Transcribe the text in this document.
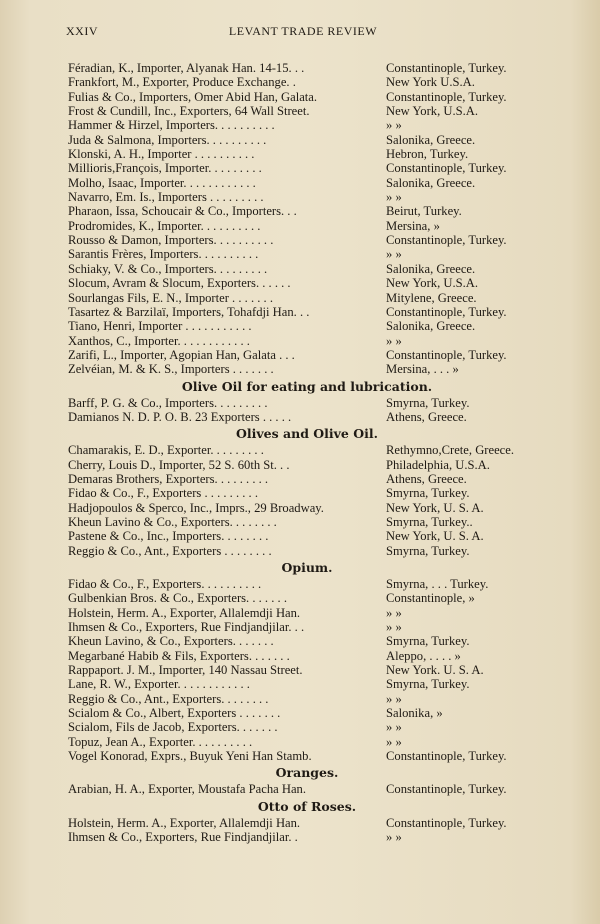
XXIV	LEVANT TRADE REVIEW
Féradian, K., Importer, Alyanak Han. 14-15. . .	Constantinople, Turkey.
Frankfort, M., Exporter, Produce Exchange. .	New York U.S.A.
Fulias & Co., Importers, Omer Abid Han, Galata.	Constantinople, Turkey.
Frost & Cundill, Inc., Exporters, 64 Wall Street.	New York, U.S.A.
Hammer & Hirzel, Importers. . . . . . . . . .	» »
Juda & Salmona, Importers. . . . . . . . . .	Salonika, Greece.
Klonski, A. H., Importer . . . . . . . . . .	Hebron, Turkey.
Millioris,François, Importer. . . . . . . . .	Constantinople, Turkey.
Molho, Isaac, Importer. . . . . . . . . . . .	Salonika, Greece.
Navarro, Em. Is., Importers . . . . . . . . .	» »
Pharaon, Issa, Schoucair & Co., Importers. . .	Beirut, Turkey.
Prodromides, K., Importer. . . . . . . . . .	Mersina, »
Rousso & Damon, Importers. . . . . . . . . .	Constantinople, Turkey.
Sarantis Frères, Importers. . . . . . . . . .	» »
Schiaky, V. & Co., Importers. . . . . . . . .	Salonika, Greece.
Slocum, Avram & Slocum, Exporters. . . . . .	New York, U.S.A.
Sourlangas Fils, E. N., Importer . . . . . . .	Mitylene, Greece.
Tasartez & Barzilaï, Importers, Tohafdji Han. . .	Constantinople, Turkey.
Tiano, Henri, Importer . . . . . . . . . . .	Salonika, Greece.
Xanthos, C., Importer. . . . . . . . . . . .	» »
Zarifi, L., Importer, Agopian Han, Galata . . .	Constantinople, Turkey.
Zelvéian, M. & K. S., Importers . . . . . . .	Mersina, . . . »
Olive Oil for eating and lubrication.
Barff, P. G. & Co., Importers. . . . . . . . .	Smyrna, Turkey.
Damianos N. D. P. O. B. 23 Exporters . . . . .	Athens, Greece.
Olives and Olive Oil.
Chamarakis, E. D., Exporter. . . . . . . . .	Rethymno,Crete, Greece.
Cherry, Louis D., Importer, 52 S. 60th St. . .	Philadelphia, U.S.A.
Demaras Brothers, Exporters. . . . . . . . .	Athens, Greece.
Fidao & Co., F., Exporters . . . . . . . . .	Smyrna, Turkey.
Hadjopoulos & Sperco, Inc., Imprs., 29 Broadway.	New York, U. S. A.
Kheun Lavino & Co., Exporters. . . . . . . .	Smyrna, Turkey..
Pastene & Co., Inc., Importers. . . . . . . .	New York, U. S. A.
Reggio & Co., Ant., Exporters . . . . . . . .	Smyrna, Turkey.
Opium.
Fidao & Co., F., Exporters. . . . . . . . . .	Smyrna, . . . Turkey.
Gulbenkian Bros. & Co., Exporters. . . . . . .	Constantinople, »
Holstein, Herm. A., Exporter, Allalemdji Han.	» »
Ihmsen & Co., Exporters, Rue Findjandjilar. . .	» »
Kheun Lavino, & Co., Exporters. . . . . . .	Smyrna, Turkey.
Megarbané Habib & Fils, Exporters. . . . . . .	Aleppo, . . . . »
Rappaport. J. M., Importer, 140 Nassau Street.	New York. U. S. A.
Lane, R. W., Exporter. . . . . . . . . . . .	Smyrna, Turkey.
Reggio & Co., Ant., Exporters. . . . . . . .	» »
Scialom & Co., Albert, Exporters . . . . . . .	Salonika, »
Scialom, Fils de Jacob, Exporters. . . . . . .	» »
Topuz, Jean A., Exporter. . . . . . . . . .	» »
Vogel Konorad, Exprs., Buyuk Yeni Han Stamb.	Constantinople, Turkey.
Oranges.
Arabian, H. A., Exporter, Moustafa Pacha Han.	Constantinople, Turkey.
Otto of Roses.
Holstein, Herm. A., Exporter, Allalemdji Han.	Constantinople, Turkey.
Ihmsen & Co., Exporters, Rue Findjandjilar. .	» »
